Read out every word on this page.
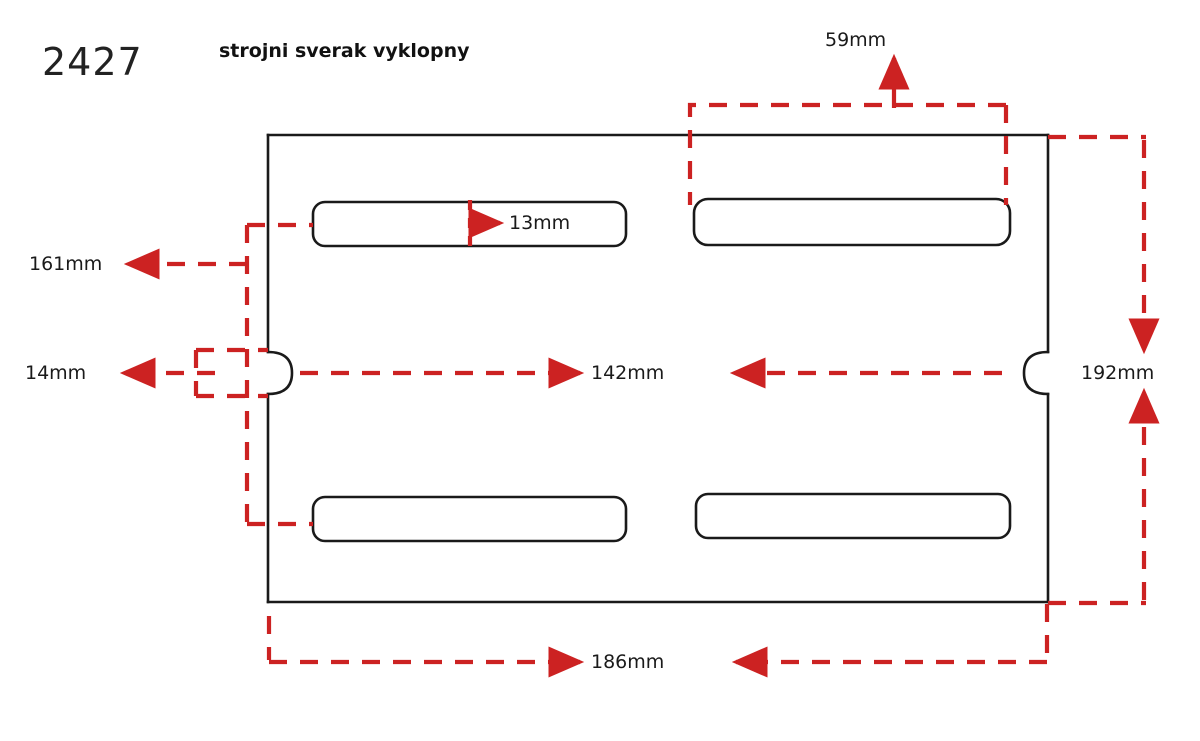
2427	strojni sverak vyklopny	59mm
161mm
13mm
14mm	142mm	192mm
186mm
